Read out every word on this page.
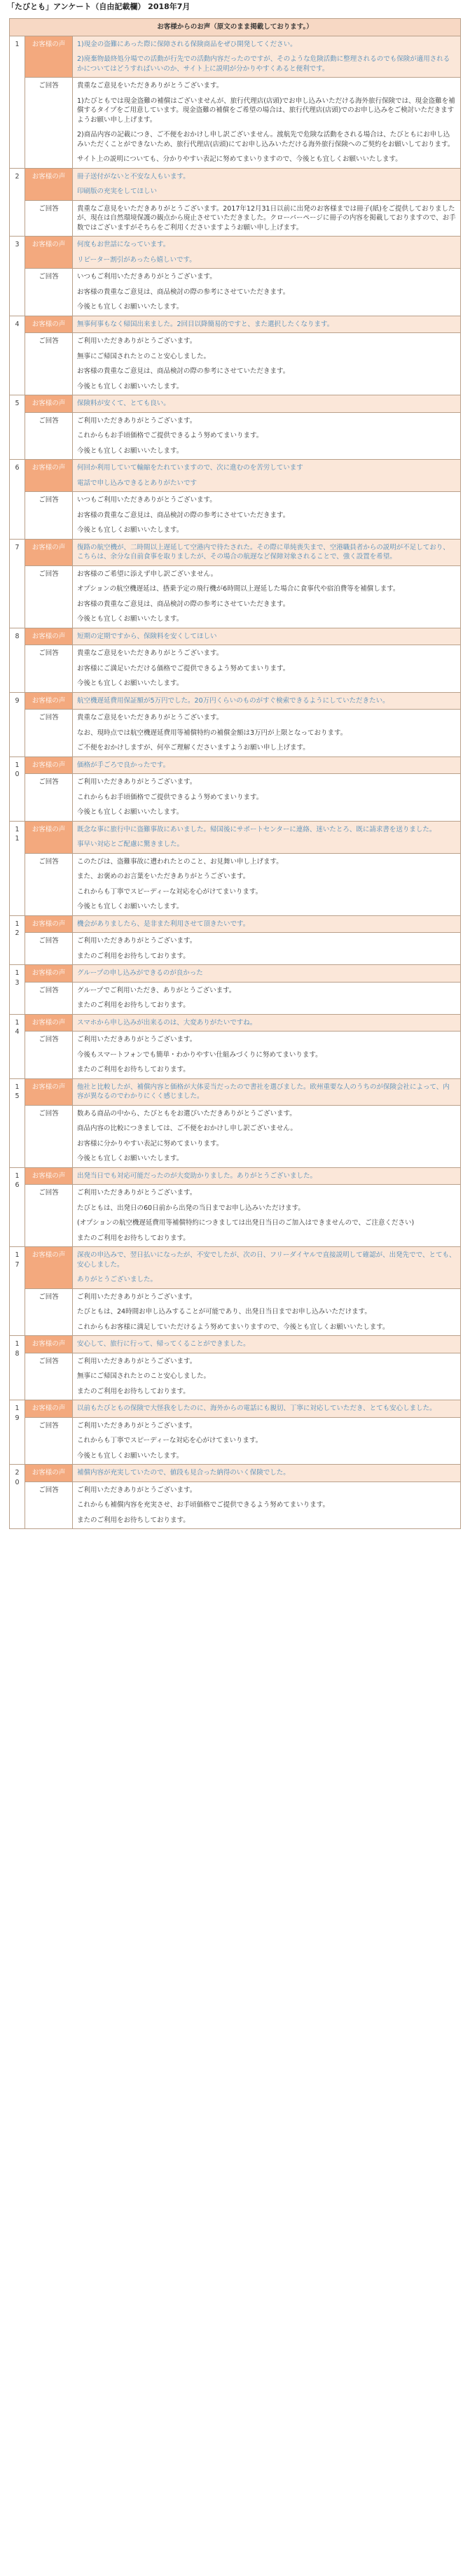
「たびとも」アンケート（自由記載欄） 2018年7月
お客様からのお声（原文のまま掲載しております。）		
1	お客様の声	1)現金の盗難にあった際に保障される保険商品をぜひ開発してください。
2)廃棄物最終処分場での活動が行先での活動内容だったのですが、そのような危険活動に整理されるのでも保険が適用されるかについてはどうすればいいのか、サイト上に説明が分かりやすくあると便利です。

	ご回答	貴重なご意見をいただきありがとうございます。
1)たびともでは現金盗難の補償はございませんが、旅行代理店(店頭)でお申し込みいただける海外旅行保険では、現金盗難を補償するタイプをご用意しています。現金盗難の補償をご希望の場合は、旅行代理店(店頭)でのお申し込みをご検討いただきますようお願い申し上げます。
2)商品内容の記載につき、ご不便をおかけし申し訳ございません。渡航先で危険な活動をされる場合は、たびともにお申し込みいただくことができないため、旅行代理店(店頭)にてお申し込みいただける海外旅行保険へのご契約をお願いしております。
サイト上の説明についても、分かりやすい表記に努めてまいりますので、今後とも宜しくお願いいたします。

2	お客様の声	冊子送付がないと不安な人もいます。
印刷版の充実をしてほしい

	ご回答	貴重なご意見をいただきありがとうございます。2017年12月31日以前に出発のお客様までは冊子(紙)をご提供しておりましたが、現在は自然環境保護の観点から廃止させていただきました。クローバーページに冊子の内容を掲載しておりますので、お手数ではございますがそちらをご利用くださいますようお願い申し上げます。

3	お客様の声	何度もお世話になっています。
リピーター割引があったら嬉しいです。

	ご回答	いつもご利用いただきありがとうございます。
お客様の貴重なご意見は、商品検討の際の参考にさせていただきます。
今後とも宜しくお願いいたします。

4	お客様の声	無事何事もなく帰国出来ました。2回目以降簡易的ですと、また選択したくなります。

	ご回答	ご利用いただきありがとうございます。
無事にご帰国されたとのこと安心しました。
お客様の貴重なご意見は、商品検討の際の参考にさせていただきます。
今後とも宜しくお願いいたします。

5	お客様の声	保険料が安くて、とても良い。

	ご回答	ご利用いただきありがとうございます。
これからもお手頃価格でご提供できるよう努めてまいります。
今後とも宜しくお願いいたします。

6	お客様の声	何回か利用していて輸縮をたれていますので、次に進むのを苦労しています
電話で申し込みできるとありがたいです

	ご回答	いつもご利用いただきありがとうございます。
お客様の貴重なご意見は、商品検討の際の参考にさせていただきます。
今後とも宜しくお願いいたします。

7	お客様の声	復路の航空機が、二時間以上遅延して空港内で待たされた。その際に単純喪失まで、空港職員者からの説明が不足しており、こちらは、余分な自前食事を取りましたが、その場合の航遅など保障対象されることで、強く設置を希望。

	ご回答	お客様のご希望に添えず申し訳ございません。
オプションの航空機遅延は、搭乗予定の飛行機が6時間以上遅延した場合に食事代や宿泊費等を補償します。
お客様の貴重なご意見は、商品検討の際の参考にさせていただきます。
今後とも宜しくお願いいたします。

8	お客様の声	短期の定期ですから、保険料を安くしてほしい

	ご回答	貴重なご意見をいただきありがとうございます。
お客様にご満足いただける価格でご提供できるよう努めてまいります。
今後とも宜しくお願いいたします。

9	お客様の声	航空機遅延費用保証額が5万円でした。20万円くらいのものがすぐ検索できるようにしていただきたい。

	ご回答	貴重なご意見をいただきありがとうございます。
なお、現時点では航空機遅延費用等補償特約の補償金額は3万円が上限となっております。
ご不便をおかけしますが、何卒ご理解くださいますようお願い申し上げます。

10	お客様の声	価格が手ごろで良かったです。

	ご回答	ご利用いただきありがとうございます。
これからもお手頃価格でご提供できるよう努めてまいります。
今後とも宜しくお願いいたします。

11	お客様の声	既念な事に旅行中に盗難事故にあいました。帰国後にサポートセンターに連絡、迷いたとろ、既に請求書を送りました。
事早い対応とご配慮に驚きました。

	ご回答	このたびは、盗難事故に遭われたとのこと、お見舞い申し上げます。
また、お褒めのお言葉をいただきありがとうございます。
これからも丁寧でスピーディーな対応を心がけてまいります。
今後とも宜しくお願いいたします。

12	お客様の声	機会がありましたら、是非また利用させて頂きたいです。

	ご回答	ご利用いただきありがとうございます。
またのご利用をお待ちしております。

13	お客様の声	グループの申し込みができるのが良かった

	ご回答	グループでご利用いただき、ありがとうございます。
またのご利用をお待ちしております。

14	お客様の声	スマホから申し込みが出来るのは、大変ありがたいですね。

	ご回答	ご利用いただきありがとうございます。
今後もスマートフォンでも簡単・わかりやすい仕組みづくりに努めてまいります。
またのご利用をお待ちしております。

15	お客様の声	他社と比較したが、補償内容と価格が大体妥当だったので書社を選びました。欧州重要な人のうちのが保険会社によって、内容が異なるのでわかりにくく感じました。

	ご回答	数ある商品の中から、たびともをお選びいただきありがとうございます。
商品内容の比較につきましては、ご不便をおかけし申し訳ございません。
お客様に分かりやすい表記に努めてまいります。
今後とも宜しくお願いいたします。

16	お客様の声	出発当日でも対応可能だったのが大変助かりました。ありがとうございました。

	ご回答	ご利用いただきありがとうございます。
たびともは、出発日の60日前から出発の当日までお申し込みいただけます。
(オプションの航空機遅延費用等補償特約につきましては出発日当日のご加入はできませんので、ご注意ください)
またのご利用をお待ちしております。

17	お客様の声	深夜の申込みで、翌日払いになったが、不安でしたが、次の日、フリーダイヤルで直接説明して確認が、出発先でで、とても、安心しました。
ありがとうございました。

	ご回答	ご利用いただきありがとうございます。
たびともは、24時間お申し込みすることが可能であり、出発日当日までお申し込みいただけます。
これからもお客様に満足していただけるよう努めてまいりますので、今後とも宜しくお願いいたします。

18	お客様の声	安心して、旅行に行って、帰ってくることができました。

	ご回答	ご利用いただきありがとうございます。
無事にご帰国されたとのこと安心しました。
またのご利用をお待ちしております。

19	お客様の声	以前もたびともの保険で大怪我をしたのに、海外からの電話にも親切、丁寧に対応していただき、とても安心しました。

	ご回答	ご利用いただきありがとうございます。
これからも丁寧でスピーディーな対応を心がけてまいります。
今後とも宜しくお願いいたします。

20	お客様の声	補償内容が充実していたので、値段も見合った納得のいく保険でした。

	ご回答	ご利用いただきありがとうございます。
これからも補償内容を充実させ、お手頃価格でご提供できるよう努めてまいります。
またのご利用をお待ちしております。
